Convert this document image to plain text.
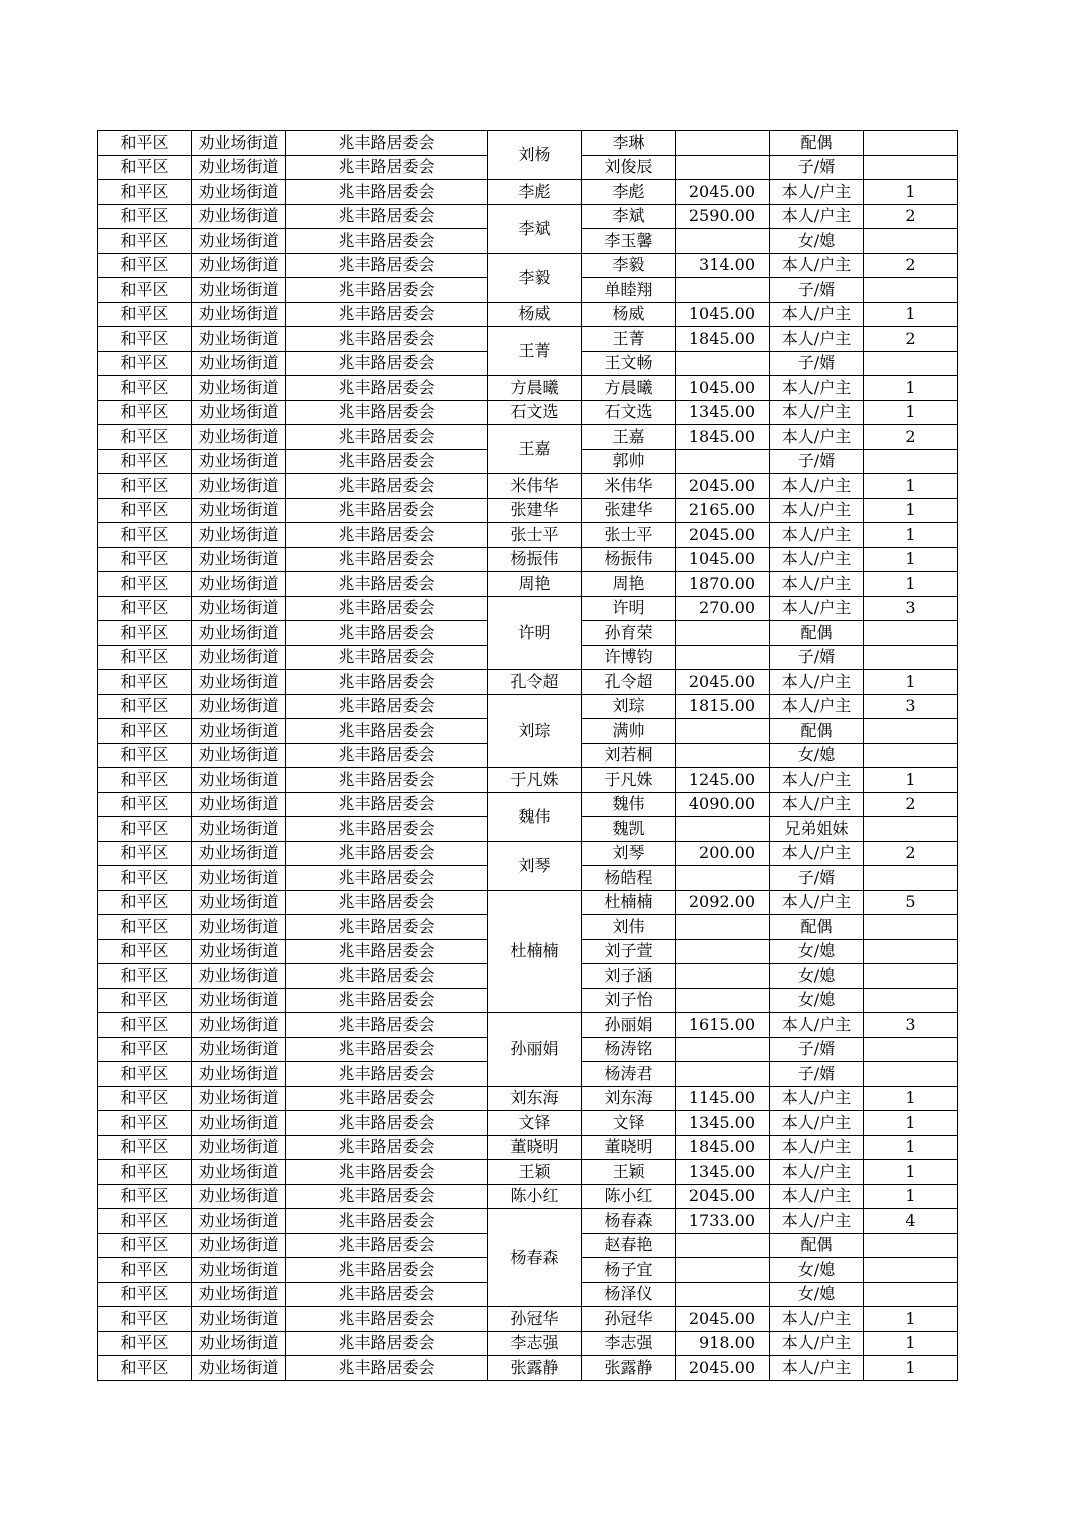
和平区	劝业场街道	兆丰路居委会	刘杨	李琳		配偶	
和平区	劝业场街道	兆丰路居委会		刘俊辰		子/婿	
和平区	劝业场街道	兆丰路居委会	李彪	李彪	2045.00	本人/户主	1
和平区	劝业场街道	兆丰路居委会	李斌	李斌	2590.00	本人/户主	2
和平区	劝业场街道	兆丰路居委会		李玉馨		女/媳	
和平区	劝业场街道	兆丰路居委会	李毅	李毅	314.00	本人/户主	2
和平区	劝业场街道	兆丰路居委会		单睦翔		子/婿	
和平区	劝业场街道	兆丰路居委会	杨威	杨威	1045.00	本人/户主	1
和平区	劝业场街道	兆丰路居委会	王菁	王菁	1845.00	本人/户主	2
和平区	劝业场街道	兆丰路居委会		王文畅		子/婿	
和平区	劝业场街道	兆丰路居委会	方晨曦	方晨曦	1045.00	本人/户主	1
和平区	劝业场街道	兆丰路居委会	石文选	石文选	1345.00	本人/户主	1
和平区	劝业场街道	兆丰路居委会	王嘉	王嘉	1845.00	本人/户主	2
和平区	劝业场街道	兆丰路居委会		郭帅		子/婿	
和平区	劝业场街道	兆丰路居委会	米伟华	米伟华	2045.00	本人/户主	1
和平区	劝业场街道	兆丰路居委会	张建华	张建华	2165.00	本人/户主	1
和平区	劝业场街道	兆丰路居委会	张士平	张士平	2045.00	本人/户主	1
和平区	劝业场街道	兆丰路居委会	杨振伟	杨振伟	1045.00	本人/户主	1
和平区	劝业场街道	兆丰路居委会	周艳	周艳	1870.00	本人/户主	1
和平区	劝业场街道	兆丰路居委会	许明	许明	270.00	本人/户主	3
和平区	劝业场街道	兆丰路居委会		孙育荣		配偶	
和平区	劝业场街道	兆丰路居委会		许博钧		子/婿	
和平区	劝业场街道	兆丰路居委会	孔令超	孔令超	2045.00	本人/户主	1
和平区	劝业场街道	兆丰路居委会	刘琮	刘琮	1815.00	本人/户主	3
和平区	劝业场街道	兆丰路居委会		满帅		配偶	
和平区	劝业场街道	兆丰路居委会		刘若桐		女/媳	
和平区	劝业场街道	兆丰路居委会	于凡姝	于凡姝	1245.00	本人/户主	1
和平区	劝业场街道	兆丰路居委会	魏伟	魏伟	4090.00	本人/户主	2
和平区	劝业场街道	兆丰路居委会		魏凯		兄弟姐妹	
和平区	劝业场街道	兆丰路居委会	刘琴	刘琴	200.00	本人/户主	2
和平区	劝业场街道	兆丰路居委会		杨皓程		子/婿	
和平区	劝业场街道	兆丰路居委会	杜楠楠	杜楠楠	2092.00	本人/户主	5
和平区	劝业场街道	兆丰路居委会		刘伟		配偶	
和平区	劝业场街道	兆丰路居委会		刘子萱		女/媳	
和平区	劝业场街道	兆丰路居委会		刘子涵		女/媳	
和平区	劝业场街道	兆丰路居委会		刘子怡		女/媳	
和平区	劝业场街道	兆丰路居委会	孙丽娟	孙丽娟	1615.00	本人/户主	3
和平区	劝业场街道	兆丰路居委会		杨涛铭		子/婿	
和平区	劝业场街道	兆丰路居委会		杨涛君		子/婿	
和平区	劝业场街道	兆丰路居委会	刘东海	刘东海	1145.00	本人/户主	1
和平区	劝业场街道	兆丰路居委会	文铎	文铎	1345.00	本人/户主	1
和平区	劝业场街道	兆丰路居委会	董晓明	董晓明	1845.00	本人/户主	1
和平区	劝业场街道	兆丰路居委会	王颖	王颖	1345.00	本人/户主	1
和平区	劝业场街道	兆丰路居委会	陈小红	陈小红	2045.00	本人/户主	1
和平区	劝业场街道	兆丰路居委会	杨春森	杨春森	1733.00	本人/户主	4
和平区	劝业场街道	兆丰路居委会		赵春艳		配偶	
和平区	劝业场街道	兆丰路居委会		杨子宜		女/媳	
和平区	劝业场街道	兆丰路居委会		杨泽仪		女/媳	
和平区	劝业场街道	兆丰路居委会	孙冠华	孙冠华	2045.00	本人/户主	1
和平区	劝业场街道	兆丰路居委会	李志强	李志强	918.00	本人/户主	1
和平区	劝业场街道	兆丰路居委会	张露静	张露静	2045.00	本人/户主	1
